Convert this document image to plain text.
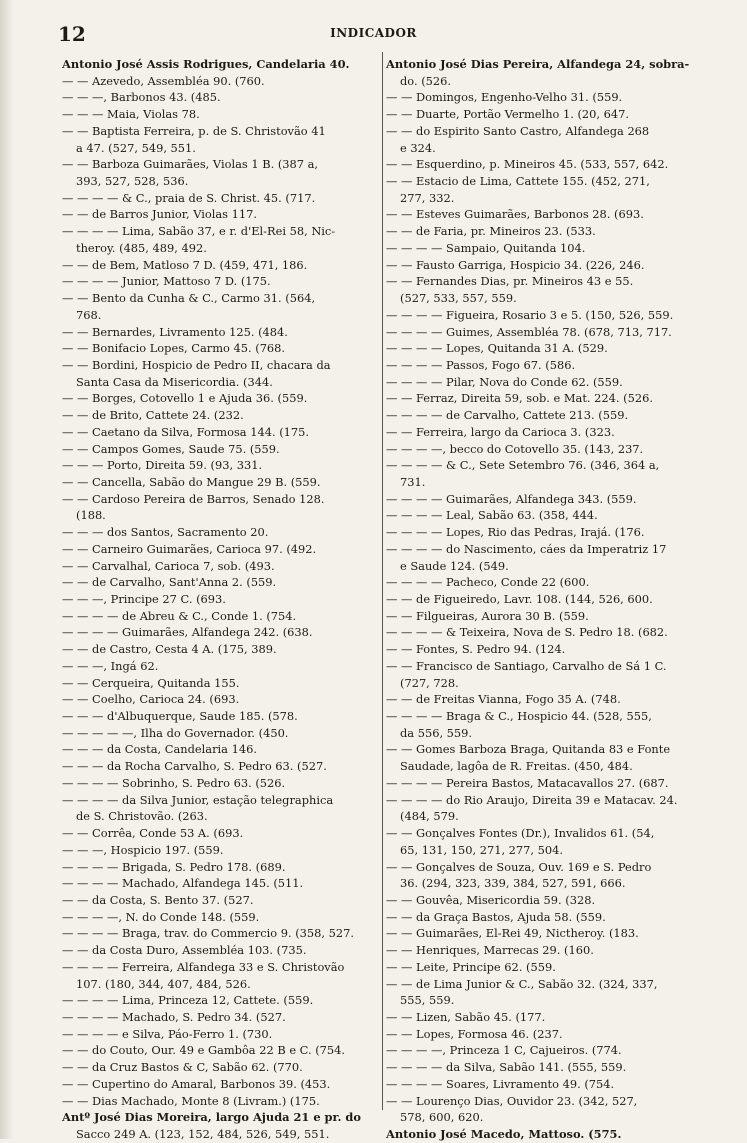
12	INDICADOR
Antonio José Assis Rodrigues, Candelaria 40.
— — Azevedo, Assembléa 90. (760.
— — —, Barbonos 43. (485.
— — — Maia, Violas 78.
— — Baptista Ferreira, p. de S. Christovão 41
a 47. (527, 549, 551.
— — Barboza Guimarães, Violas 1 B. (387 a,
393, 527, 528, 536.
— — — — & C., praia de S. Christ. 45. (717.
— — de Barros Junior, Violas 117.
— — — — Lima, Sabão 37, e r. d'El-Rei 58, Nic-
theroy. (485, 489, 492.
— — de Bem, Matloso 7 D. (459, 471, 186.
— — — — Junior, Mattoso 7 D. (175.
— — Bento da Cunha & C., Carmo 31. (564,
768.
— — Bernardes, Livramento 125. (484.
— — Bonifacio Lopes, Carmo 45. (768.
— — Bordini, Hospicio de Pedro II, chacara da
Santa Casa da Misericordia. (344.
— — Borges, Cotovello 1 e Ajuda 36. (559.
— — de Brito, Cattete 24. (232.
— — Caetano da Silva, Formosa 144. (175.
— — Campos Gomes, Saude 75. (559.
— — — Porto, Direita 59. (93, 331.
— — Cancella, Sabão do Mangue 29 B. (559.
— — Cardoso Pereira de Barros, Senado 128.
(188.
— — — dos Santos, Sacramento 20.
— — Carneiro Guimarães, Carioca 97. (492.
— — Carvalhal, Carioca 7, sob. (493.
— — de Carvalho, Sant'Anna 2. (559.
— — —, Principe 27 C. (693.
— — — — de Abreu & C., Conde 1. (754.
— — — — Guimarães, Alfandega 242. (638.
— — de Castro, Cesta 4 A. (175, 389.
— — —, Ingá 62.
— — Cerqueira, Quitanda 155.
— — Coelho, Carioca 24. (693.
— — — d'Albuquerque, Saude 185. (578.
— — — — —, Ilha do Governador. (450.
— — — da Costa, Candelaria 146.
— — — da Rocha Carvalho, S. Pedro 63. (527.
— — — — Sobrinho, S. Pedro 63. (526.
— — — — da Silva Junior, estação telegraphica
de S. Christovão. (263.
— — Corrêa, Conde 53 A. (693.
— — —, Hospicio 197. (559.
— — — — Brigada, S. Pedro 178. (689.
— — — — Machado, Alfandega 145. (511.
— — da Costa, S. Bento 37. (527.
— — — —, N. do Conde 148. (559.
— — — — Braga, trav. do Commercio 9. (358, 527.
— — da Costa Duro, Assembléa 103. (735.
— — — — Ferreira, Alfandega 33 e S. Christovão
107. (180, 344, 407, 484, 526.
— — — — Lima, Princeza 12, Cattete. (559.
— — — — Machado, S. Pedro 34. (527.
— — — — e Silva, Páo-Ferro 1. (730.
— — do Couto, Our. 49 e Gambôa 22 B e C. (754.
— — da Cruz Bastos & C, Sabão 62. (770.
— — Cupertino do Amaral, Barbonos 39. (453.
— — Dias Machado, Monte 8 (Livram.) (175.
Antº José Dias Moreira, largo Ajuda 21 e pr. do
Sacco 249 A. (123, 152, 484, 526, 549, 551.
Antonio José Dias Pereira, Alfandega 24, sobra-
do. (526.
— — Domingos, Engenho-Velho 31. (559.
— — Duarte, Portão Vermelho 1. (20, 647.
— — do Espirito Santo Castro, Alfandega 268
e 324.
— — Esquerdino, p. Mineiros 45. (533, 557, 642.
— — Estacio de Lima, Cattete 155. (452, 271,
277, 332.
— — Esteves Guimarães, Barbonos 28. (693.
— — de Faria, pr. Mineiros 23. (533.
— — — — Sampaio, Quitanda 104.
— — Fausto Garriga, Hospicio 34. (226, 246.
— — Fernandes Dias, pr. Mineiros 43 e 55.
(527, 533, 557, 559.
— — — — Figueira, Rosario 3 e 5. (150, 526, 559.
— — — — Guimes, Assembléa 78. (678, 713, 717.
— — — — Lopes, Quitanda 31 A. (529.
— — — — Passos, Fogo 67. (586.
— — — — Pilar, Nova do Conde 62. (559.
— — Ferraz, Direita 59, sob. e Mat. 224. (526.
— — — — de Carvalho, Cattete 213. (559.
— — Ferreira, largo da Carioca 3. (323.
— — — —, becco do Cotovello 35. (143, 237.
— — — — & C., Sete Setembro 76. (346, 364 a,
731.
— — — — Guimarães, Alfandega 343. (559.
— — — — Leal, Sabão 63. (358, 444.
— — — — Lopes, Rio das Pedras, Irajá. (176.
— — — — do Nascimento, cáes da Imperatriz 17
e Saude 124. (549.
— — — — Pacheco, Conde 22 (600.
— — de Figueiredo, Lavr. 108. (144, 526, 600.
— — Filgueiras, Aurora 30 B. (559.
— — — — & Teixeira, Nova de S. Pedro 18. (682.
— — Fontes, S. Pedro 94. (124.
— — Francisco de Santiago, Carvalho de Sá 1 C.
(727, 728.
— — de Freitas Vianna, Fogo 35 A. (748.
— — — — Braga & C., Hospicio 44. (528, 555,
da 556, 559.
— — Gomes Barboza Braga, Quitanda 83 e Fonte
Saudade, lagôa de R. Freitas. (450, 484.
— — — — Pereira Bastos, Matacavallos 27. (687.
— — — — do Rio Araujo, Direita 39 e Matacav. 24.
(484, 579.
— — Gonçalves Fontes (Dr.), Invalidos 61. (54,
65, 131, 150, 271, 277, 504.
— — Gonçalves de Souza, Ouv. 169 e S. Pedro
36. (294, 323, 339, 384, 527, 591, 666.
— — Gouvêa, Misericordia 59. (328.
— — da Graça Bastos, Ajuda 58. (559.
— — Guimarães, El-Rei 49, Nictheroy. (183.
— — Henriques, Marrecas 29. (160.
— — Leite, Principe 62. (559.
— — de Lima Junior & C., Sabão 32. (324, 337,
555, 559.
— — Lizen, Sabão 45. (177.
— — Lopes, Formosa 46. (237.
— — — —, Princeza 1 C, Cajueiros. (774.
— — — — da Silva, Sabão 141. (555, 559.
— — — — Soares, Livramento 49. (754.
— — Lourenço Dias, Ouvidor 23. (342, 527,
578, 600, 620.
Antonio José Macedo, Mattoso. (575.
